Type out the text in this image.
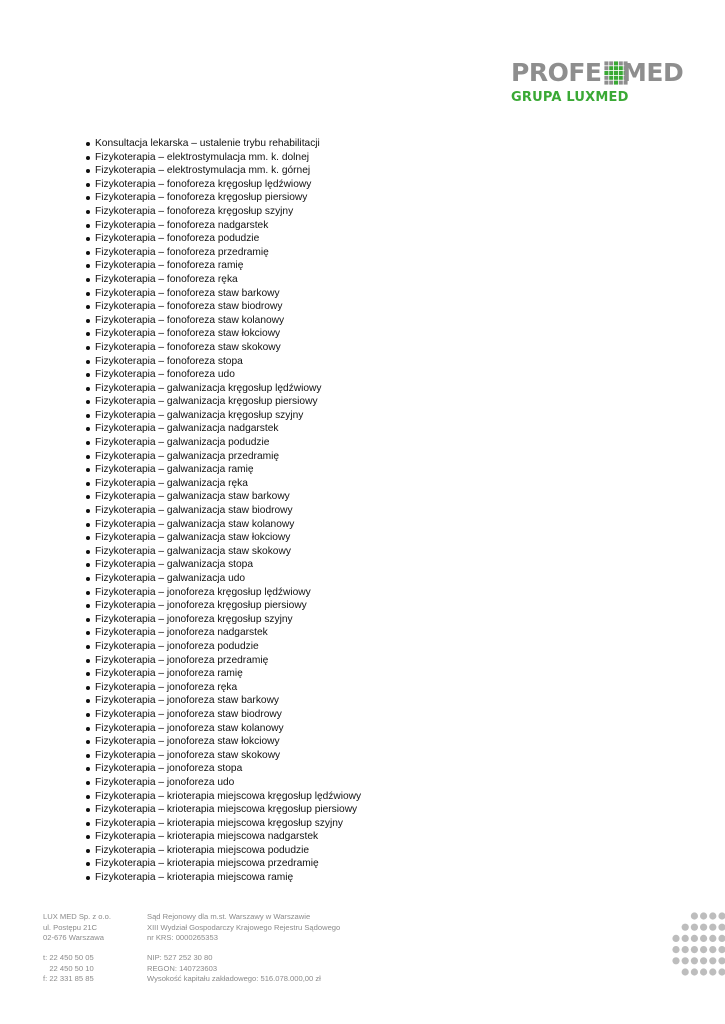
PROFE MED
GRUPA LUXMED
Konsultacja lekarska – ustalenie trybu rehabilitacji
Fizykoterapia – elektrostymulacja mm. k. dolnej
Fizykoterapia – elektrostymulacja mm. k. górnej
Fizykoterapia – fonoforeza kręgosłup lędźwiowy
Fizykoterapia – fonoforeza kręgosłup piersiowy
Fizykoterapia – fonoforeza kręgosłup szyjny
Fizykoterapia – fonoforeza nadgarstek
Fizykoterapia – fonoforeza podudzie
Fizykoterapia – fonoforeza przedramię
Fizykoterapia – fonoforeza ramię
Fizykoterapia – fonoforeza ręka
Fizykoterapia – fonoforeza staw barkowy
Fizykoterapia – fonoforeza staw biodrowy
Fizykoterapia – fonoforeza staw kolanowy
Fizykoterapia – fonoforeza staw łokciowy
Fizykoterapia – fonoforeza staw skokowy
Fizykoterapia – fonoforeza stopa
Fizykoterapia – fonoforeza udo
Fizykoterapia – galwanizacja kręgosłup lędźwiowy
Fizykoterapia – galwanizacja kręgosłup piersiowy
Fizykoterapia – galwanizacja kręgosłup szyjny
Fizykoterapia – galwanizacja nadgarstek
Fizykoterapia – galwanizacja podudzie
Fizykoterapia – galwanizacja przedramię
Fizykoterapia – galwanizacja ramię
Fizykoterapia – galwanizacja ręka
Fizykoterapia – galwanizacja staw barkowy
Fizykoterapia – galwanizacja staw biodrowy
Fizykoterapia – galwanizacja staw kolanowy
Fizykoterapia – galwanizacja staw łokciowy
Fizykoterapia – galwanizacja staw skokowy
Fizykoterapia – galwanizacja stopa
Fizykoterapia – galwanizacja udo
Fizykoterapia – jonoforeza kręgosłup lędźwiowy
Fizykoterapia – jonoforeza kręgosłup piersiowy
Fizykoterapia – jonoforeza kręgosłup szyjny
Fizykoterapia – jonoforeza nadgarstek
Fizykoterapia – jonoforeza podudzie
Fizykoterapia – jonoforeza przedramię
Fizykoterapia – jonoforeza ramię
Fizykoterapia – jonoforeza ręka
Fizykoterapia – jonoforeza staw barkowy
Fizykoterapia – jonoforeza staw biodrowy
Fizykoterapia – jonoforeza staw kolanowy
Fizykoterapia – jonoforeza staw łokciowy
Fizykoterapia – jonoforeza staw skokowy
Fizykoterapia – jonoforeza stopa
Fizykoterapia – jonoforeza udo
Fizykoterapia – krioterapia miejscowa kręgosłup lędźwiowy
Fizykoterapia – krioterapia miejscowa kręgosłup piersiowy
Fizykoterapia – krioterapia miejscowa kręgosłup szyjny
Fizykoterapia – krioterapia miejscowa nadgarstek
Fizykoterapia – krioterapia miejscowa podudzie
Fizykoterapia – krioterapia miejscowa przedramię
Fizykoterapia – krioterapia miejscowa ramię
LUX MED Sp. z o.o.
ul. Postępu 21C
02-676 Warszawa
Sąd Rejonowy dla m.st. Warszawy w Warszawie
XIII Wydział Gospodarczy Krajowego Rejestru Sądowego
nr KRS: 0000265353
t: 22 450 50 05
22 450 50 10
f: 22 331 85 85
NIP: 527 252 30 80
REGON: 140723603
Wysokość kapitału zakładowego: 516.078.000,00 zł
